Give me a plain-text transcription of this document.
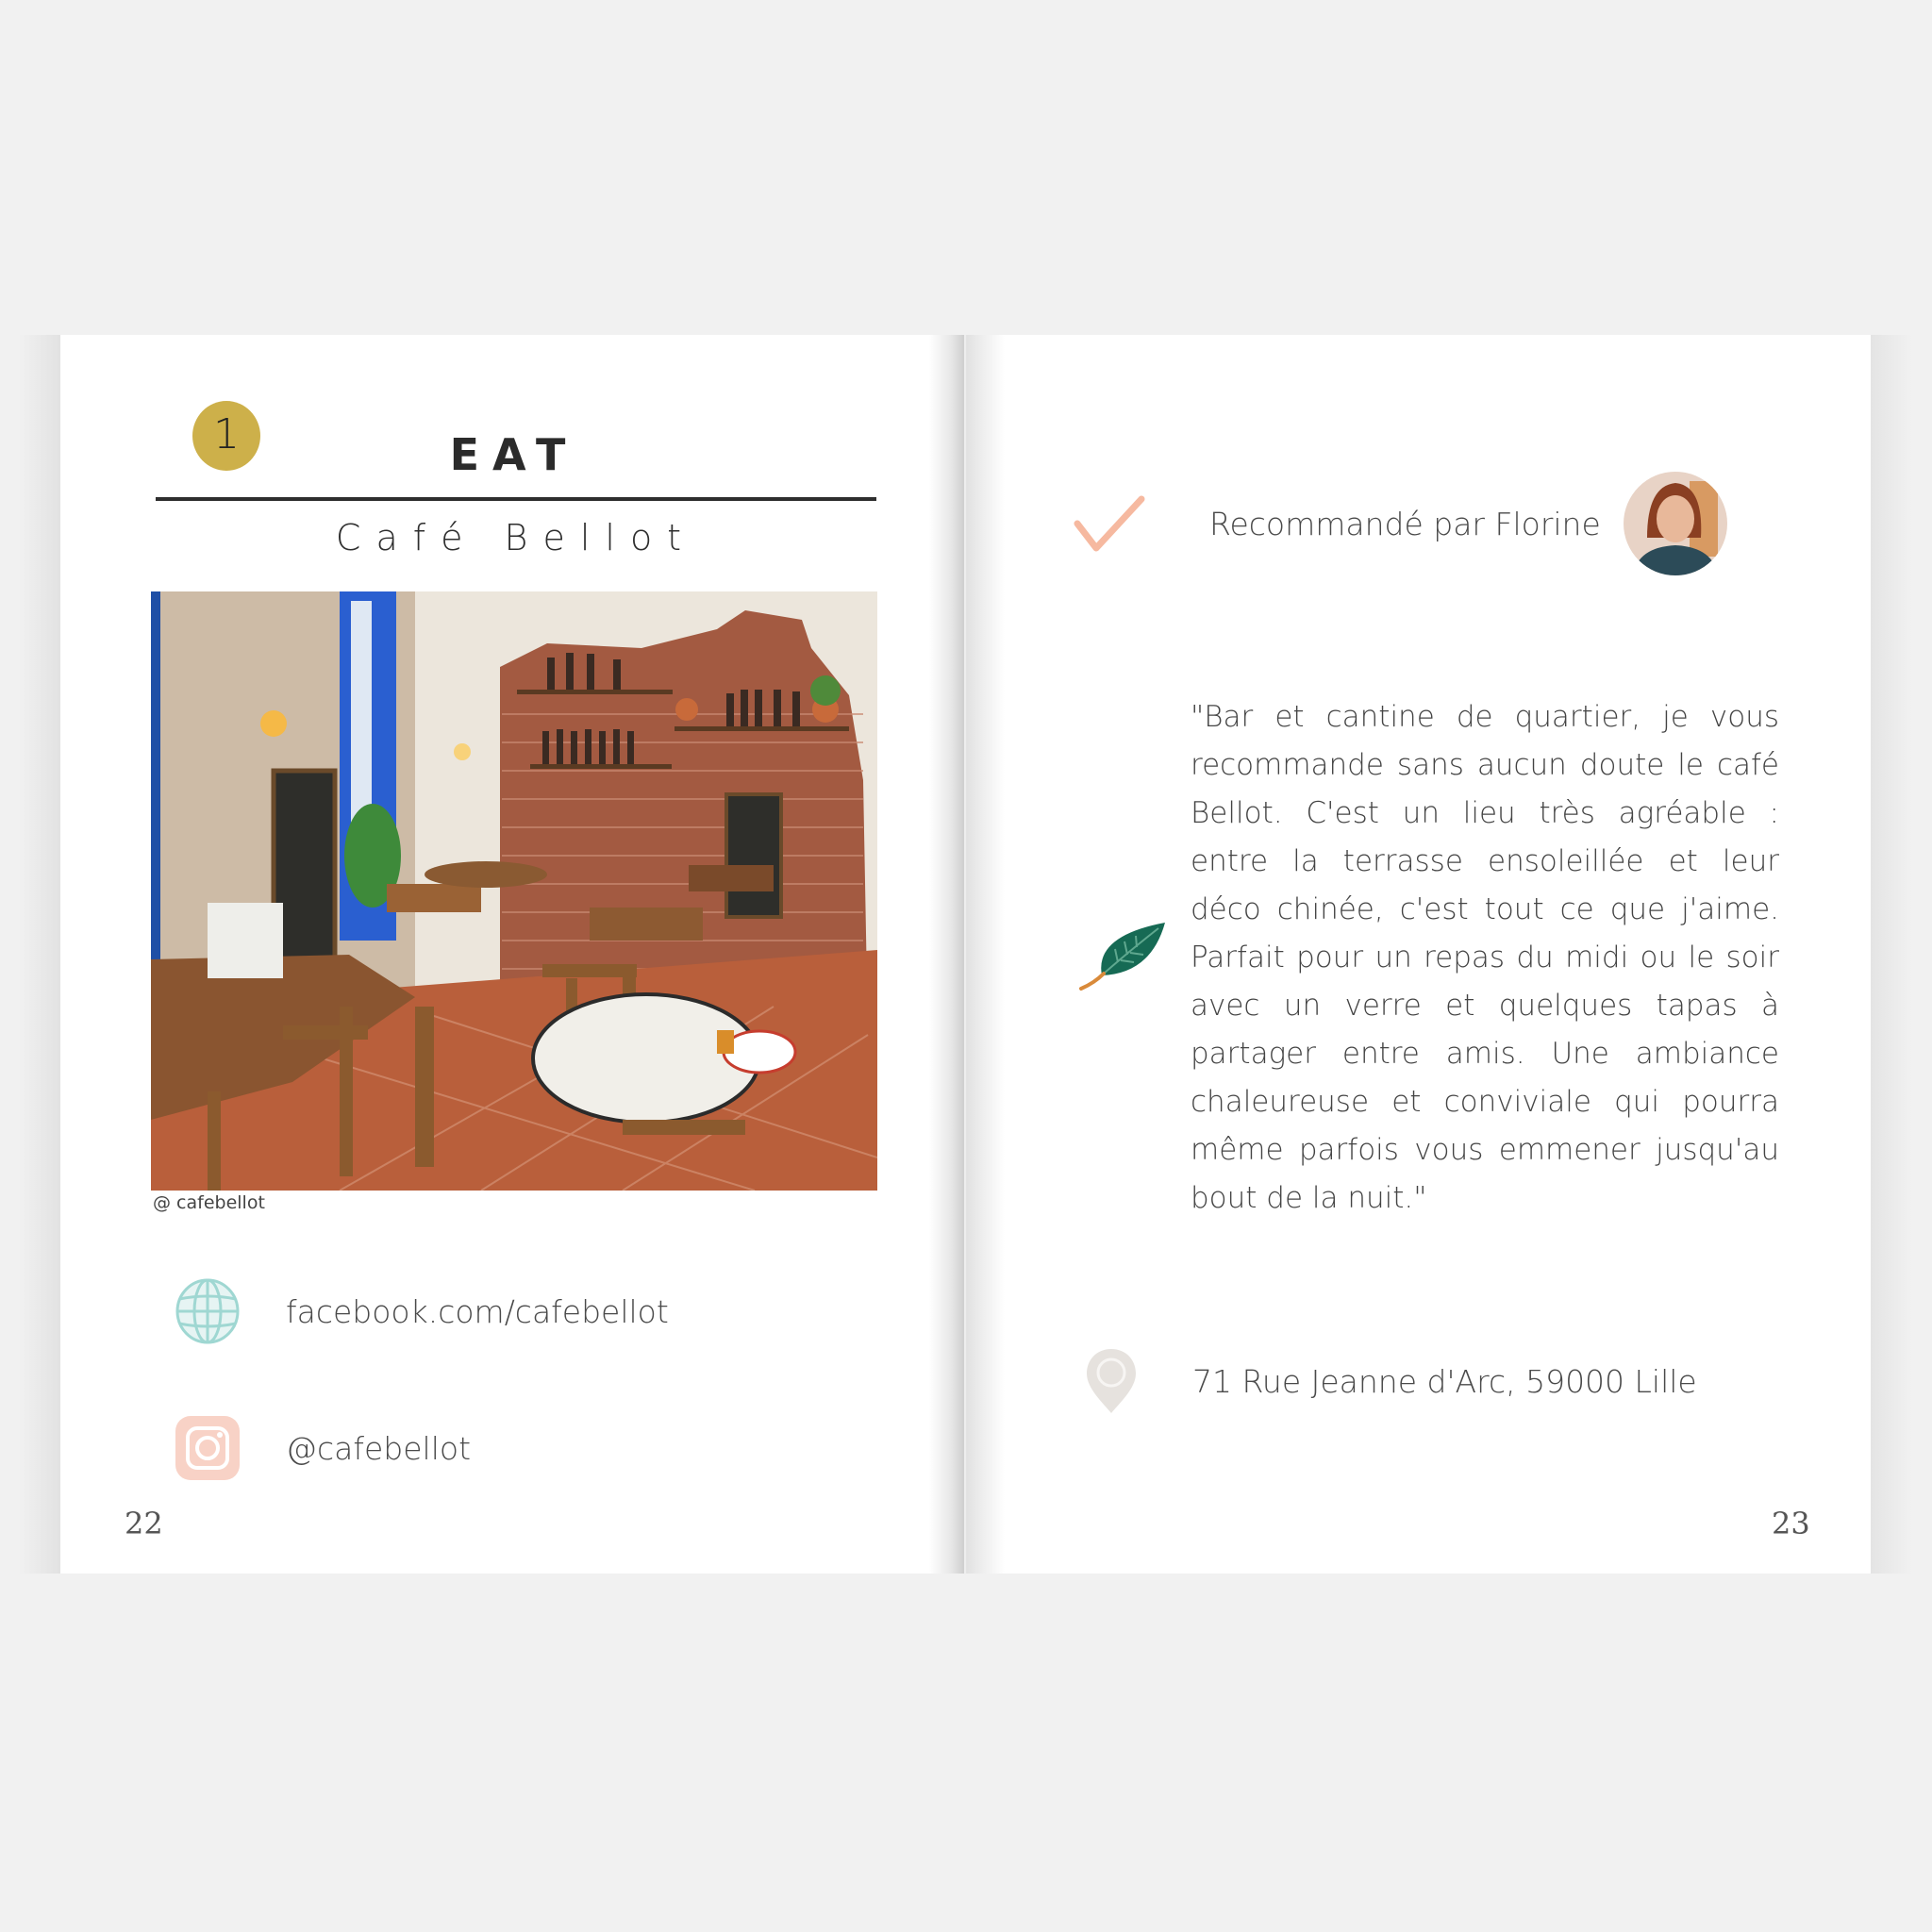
1	EAT
Café Bellot
@ cafebellot
facebook.com/cafebellot
@cafebellot
22
Recommandé par Florine
"Bar et cantine de quartier, je vous recommande sans aucun doute le café Bellot. C'est un lieu très agréable : entre la terrasse ensoleillée et leur déco chinée, c'est tout ce que j'aime. Parfait pour un repas du midi ou le soir avec un verre et quelques tapas à partager entre amis. Une ambiance chaleureuse et conviviale qui pourra même parfois vous emmener jusqu'au bout de la nuit."
71 Rue Jeanne d'Arc, 59000 Lille
23
